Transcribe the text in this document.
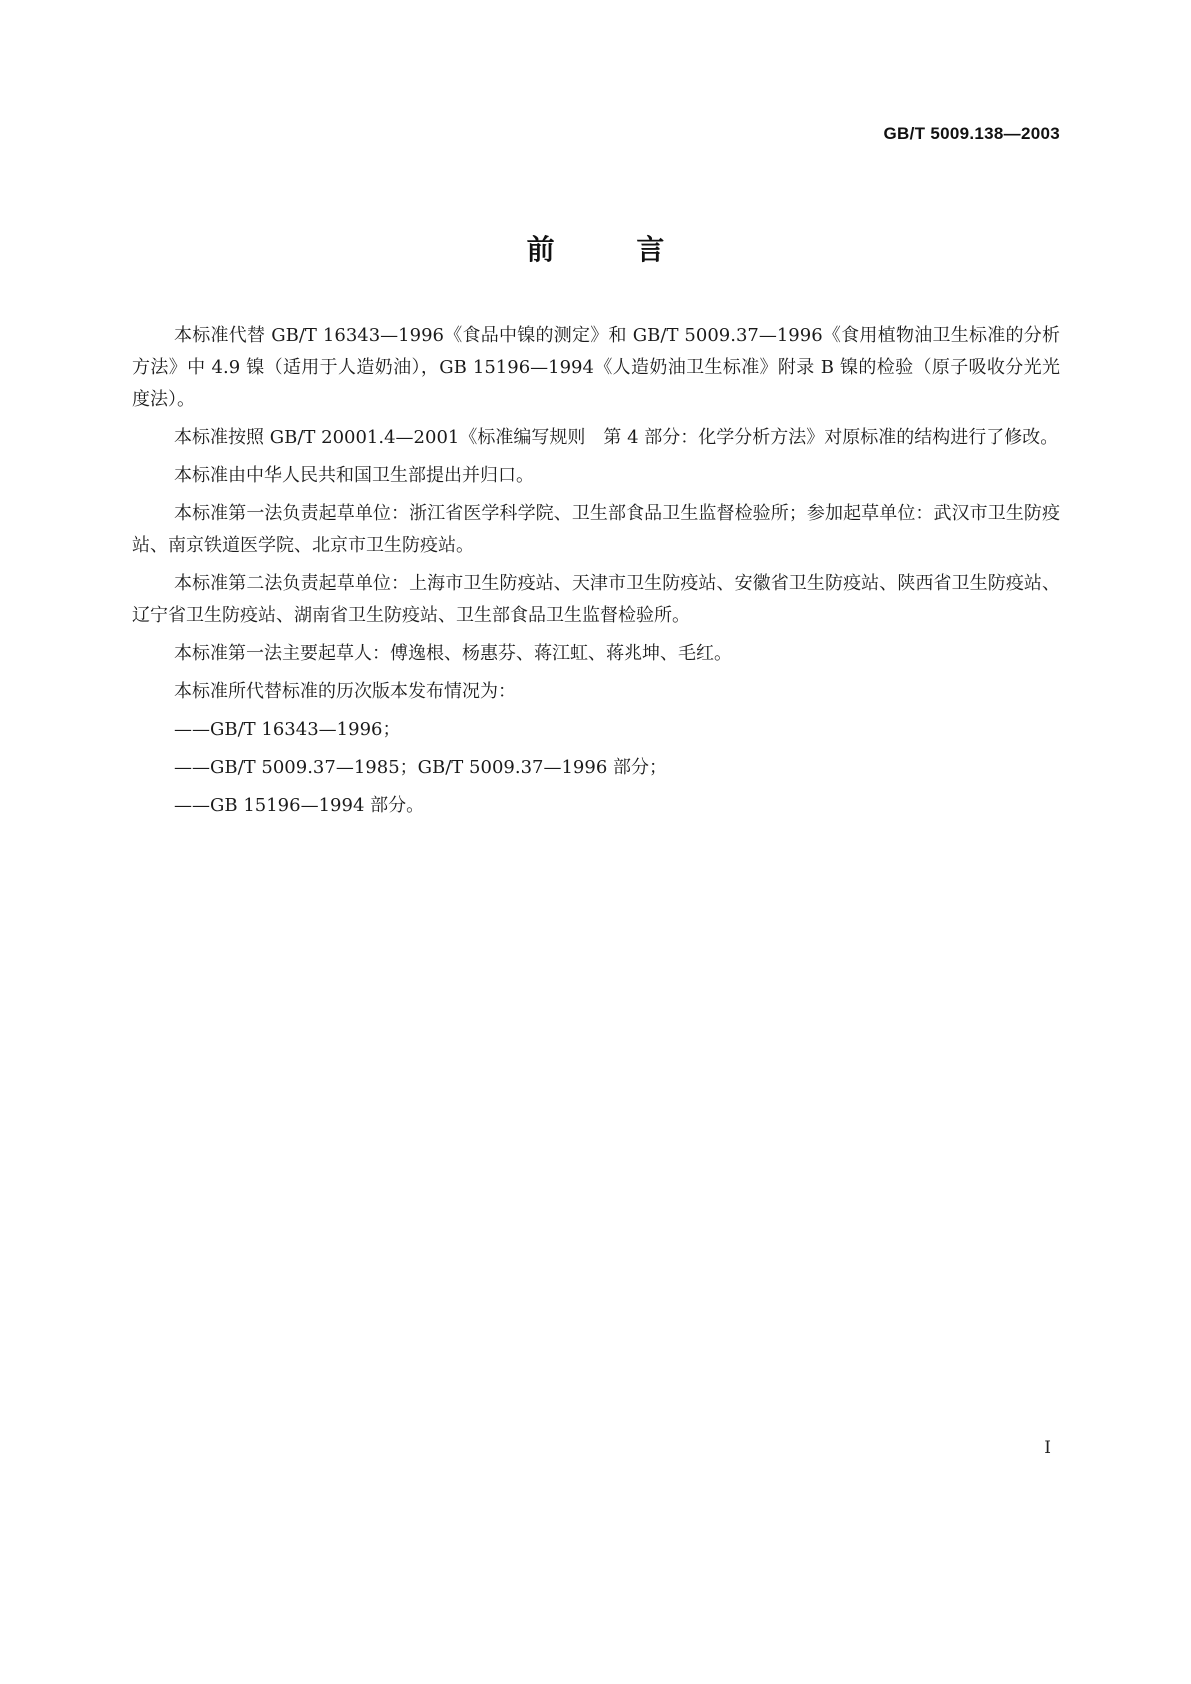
GB/T 5009.138—2003
前 言

本标准代替 GB/T 16343—1996《食品中镍的测定》和 GB/T 5009.37—1996《食用植物油卫生标准的分析方法》中 4.9 镍（适用于人造奶油），GB 15196—1994《人造奶油卫生标准》附录 B 镍的检验（原子吸收分光光度法）。

本标准按照 GB/T 20001.4—2001《标准编写规则　第 4 部分：化学分析方法》对原标准的结构进行了修改。

本标准由中华人民共和国卫生部提出并归口。

本标准第一法负责起草单位：浙江省医学科学院、卫生部食品卫生监督检验所；参加起草单位：武汉市卫生防疫站、南京铁道医学院、北京市卫生防疫站。

本标准第二法负责起草单位：上海市卫生防疫站、天津市卫生防疫站、安徽省卫生防疫站、陕西省卫生防疫站、辽宁省卫生防疫站、湖南省卫生防疫站、卫生部食品卫生监督检验所。

本标准第一法主要起草人：傅逸根、杨惠芬、蒋江虹、蒋兆坤、毛红。

本标准所代替标准的历次版本发布情况为：

——GB/T 16343—1996；
——GB/T 5009.37—1985；GB/T 5009.37—1996 部分；
——GB 15196—1994 部分。
I
